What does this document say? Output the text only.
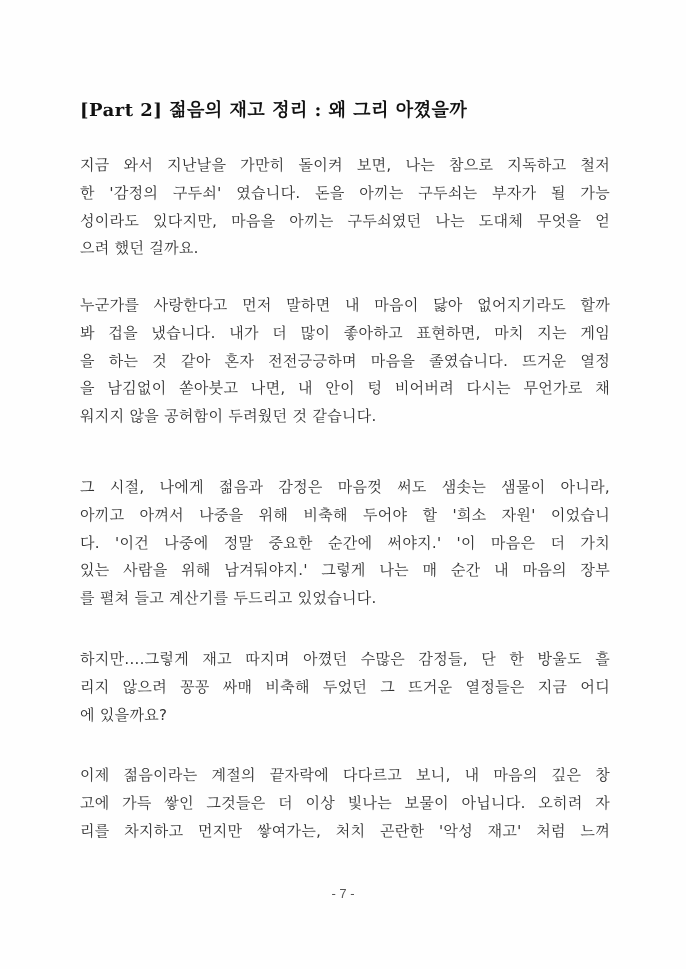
[Part 2] 젊음의 재고 정리 : 왜 그리 아꼈을까
지금 와서 지난날을 가만히 돌이켜 보면, 나는 참으로 지독하고 철저
한 '감정의 구두쇠' 였습니다. 돈을 아끼는 구두쇠는 부자가 될 가능
성이라도 있다지만, 마음을 아끼는 구두쇠였던 나는 도대체 무엇을 얻
으려 했던 걸까요.
누군가를 사랑한다고 먼저 말하면 내 마음이 닳아 없어지기라도 할까
봐 겁을 냈습니다. 내가 더 많이 좋아하고 표현하면, 마치 지는 게임
을 하는 것 같아 혼자 전전긍긍하며 마음을 졸였습니다. 뜨거운 열정
을 남김없이 쏟아붓고 나면, 내 안이 텅 비어버려 다시는 무언가로 채
워지지 않을 공허함이 두려웠던 것 같습니다.
그 시절, 나에게 젊음과 감정은 마음껏 써도 샘솟는 샘물이 아니라,
아끼고 아껴서 나중을 위해 비축해 두어야 할 '희소 자원' 이었습니
다. '이건 나중에 정말 중요한 순간에 써야지.' '이 마음은 더 가치
있는 사람을 위해 남겨둬야지.' 그렇게 나는 매 순간 내 마음의 장부
를 펼쳐 들고 계산기를 두드리고 있었습니다.
하지만....그렇게 재고 따지며 아꼈던 수많은 감정들, 단 한 방울도 흘
리지 않으려 꽁꽁 싸매 비축해 두었던 그 뜨거운 열정들은 지금 어디
에 있을까요?
이제 젊음이라는 계절의 끝자락에 다다르고 보니, 내 마음의 깊은 창
고에 가득 쌓인 그것들은 더 이상 빛나는 보물이 아닙니다. 오히려 자
리를 차지하고 먼지만 쌓여가는, 처치 곤란한 '악성 재고' 처럼 느껴
- 7 -
